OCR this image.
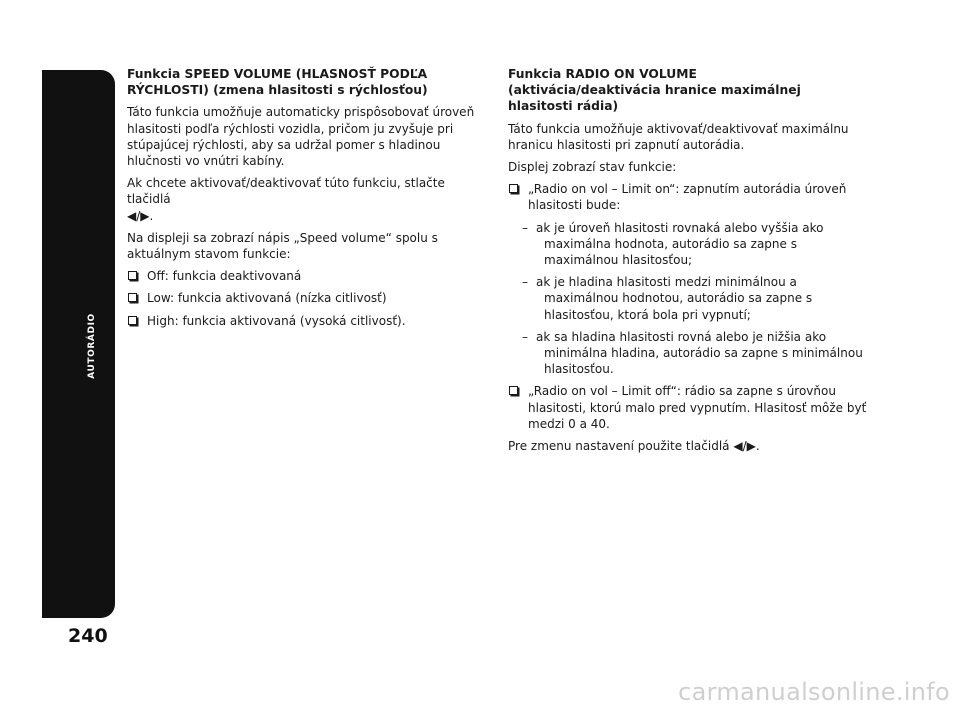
AUTORÁDIO
240
Funkcia SPEED VOLUME (HLASNOSŤ PODĽA
RÝCHLOSTI) (zmena hlasitosti s rýchlosťou)

Táto funkcia umožňuje automaticky prispôsobovať úroveň hlasitosti podľa rýchlosti vozidla, pričom ju zvyšuje pri stúpajúcej rýchlosti, aby sa udržal pomer s hladinou hlučnosti vo vnútri kabíny.

Ak chcete aktivovať/deaktivovať túto funkciu, stlačte tlačidlá
◀/▶.

Na displeji sa zobrazí nápis „Speed volume“ spolu s aktuálnym stavom funkcie:

Off: funkcia deaktivovaná
Low: funkcia aktivovaná (nízka citlivosť)
High: funkcia aktivovaná (vysoká citlivosť).
Funkcia RADIO ON VOLUME
(aktivácia/deaktivácia hranice maximálnej
hlasitosti rádia)

Táto funkcia umožňuje aktivovať/deaktivovať maximálnu hranicu hlasitosti pri zapnutí autorádia.

Displej zobrazí stav funkcie:

„Radio on vol – Limit on“: zapnutím autorádia úroveň hlasitosti bude:
– ak je úroveň hlasitosti rovnaká alebo vyššia ako maximálna hodnota, autorádio sa zapne s maximálnou hlasitosťou;
– ak je hladina hlasitosti medzi minimálnou a maximálnou hodnotou, autorádio sa zapne s hlasitosťou, ktorá bola pri vypnutí;
– ak sa hladina hlasitosti rovná alebo je nižšia ako minimálna hladina, autorádio sa zapne s minimálnou hlasitosťou.
„Radio on vol – Limit off“: rádio sa zapne s úrovňou hlasitosti, ktorú malo pred vypnutím. Hlasitosť môže byť medzi 0 a 40.

Pre zmenu nastavení použite tlačidlá ◀/▶.

carmanualsonline.info
